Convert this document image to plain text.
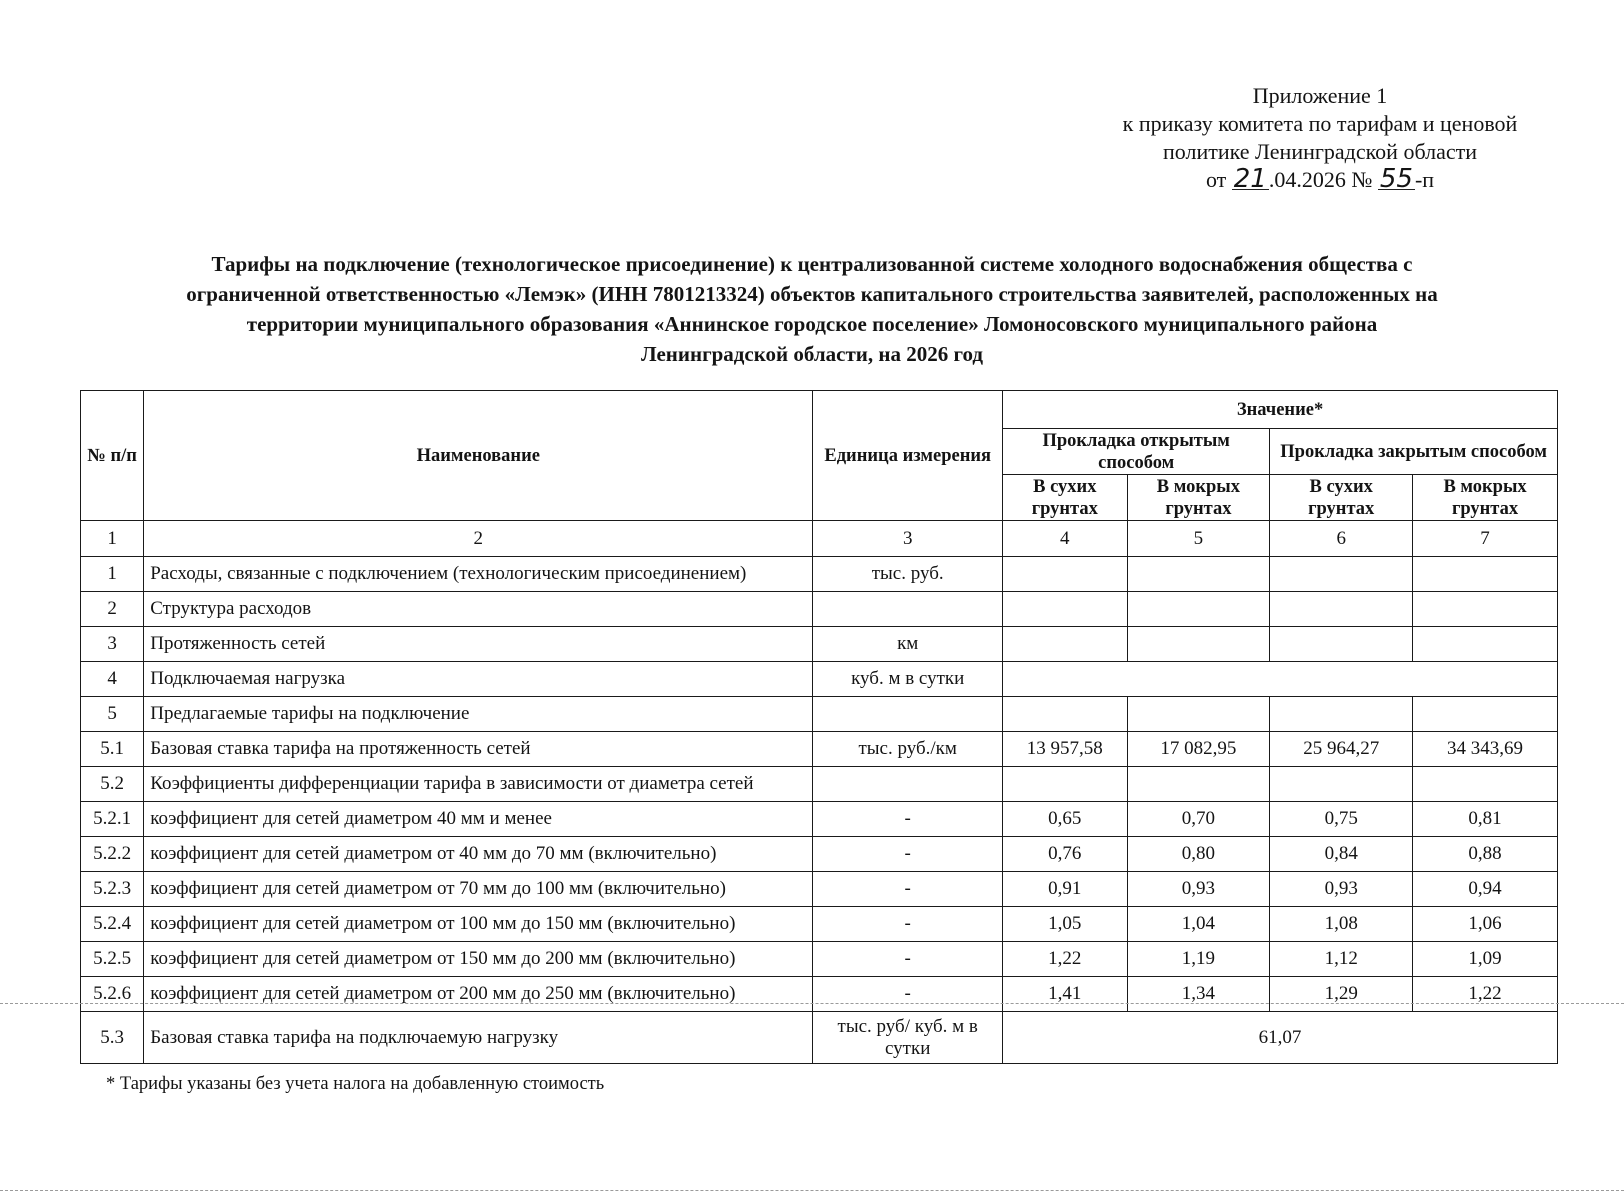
Приложение 1
к приказу комитета по тарифам и ценовой
политике Ленинградской области
от 21.04.2026 № 55-п
Тарифы на подключение (технологическое присоединение) к централизованной системе холодного водоснабжения общества с
ограниченной ответственностью «Лемэк» (ИНН 7801213324) объектов капитального строительства заявителей, расположенных на
территории муниципального образования «Аннинское городское поселение» Ломоносовского муниципального района
Ленинградской области, на 2026 год
№ п/п	Наименование	Единица измерения	Значение*			
			Прокладка открытым способом		Прокладка закрытым способом	
			В сухих грунтах	В мокрых грунтах	В сухих грунтах	В мокрых грунтах
1	2	3	4	5	6	7
1	Расходы, связанные с подключением (технологическим присоединением)	тыс. руб.				
2	Структура расходов					
3	Протяженность сетей	км				
4	Подключаемая нагрузка	куб. м в сутки				
5	Предлагаемые тарифы на подключение					
5.1	Базовая ставка тарифа на протяженность сетей	тыс. руб./км	13 957,58	17 082,95	25 964,27	34 343,69
5.2	Коэффициенты дифференциации тарифа в зависимости от диаметра сетей					
5.2.1	коэффициент для сетей диаметром 40 мм и менее	-	0,65	0,70	0,75	0,81
5.2.2	коэффициент для сетей диаметром от 40 мм до 70 мм (включительно)	-	0,76	0,80	0,84	0,88
5.2.3	коэффициент для сетей диаметром от 70 мм до 100 мм (включительно)	-	0,91	0,93	0,93	0,94
5.2.4	коэффициент для сетей диаметром от 100 мм до 150 мм (включительно)	-	1,05	1,04	1,08	1,06
5.2.5	коэффициент для сетей диаметром от 150 мм до 200 мм (включительно)	-	1,22	1,19	1,12	1,09
5.2.6	коэффициент для сетей диаметром от 200 мм до 250 мм (включительно)	-	1,41	1,34	1,29	1,22
5.3	Базовая ставка тарифа на подключаемую нагрузку	тыс. руб/ куб. м в сутки	61,07			
* Тарифы указаны без учета налога на добавленную стоимость
